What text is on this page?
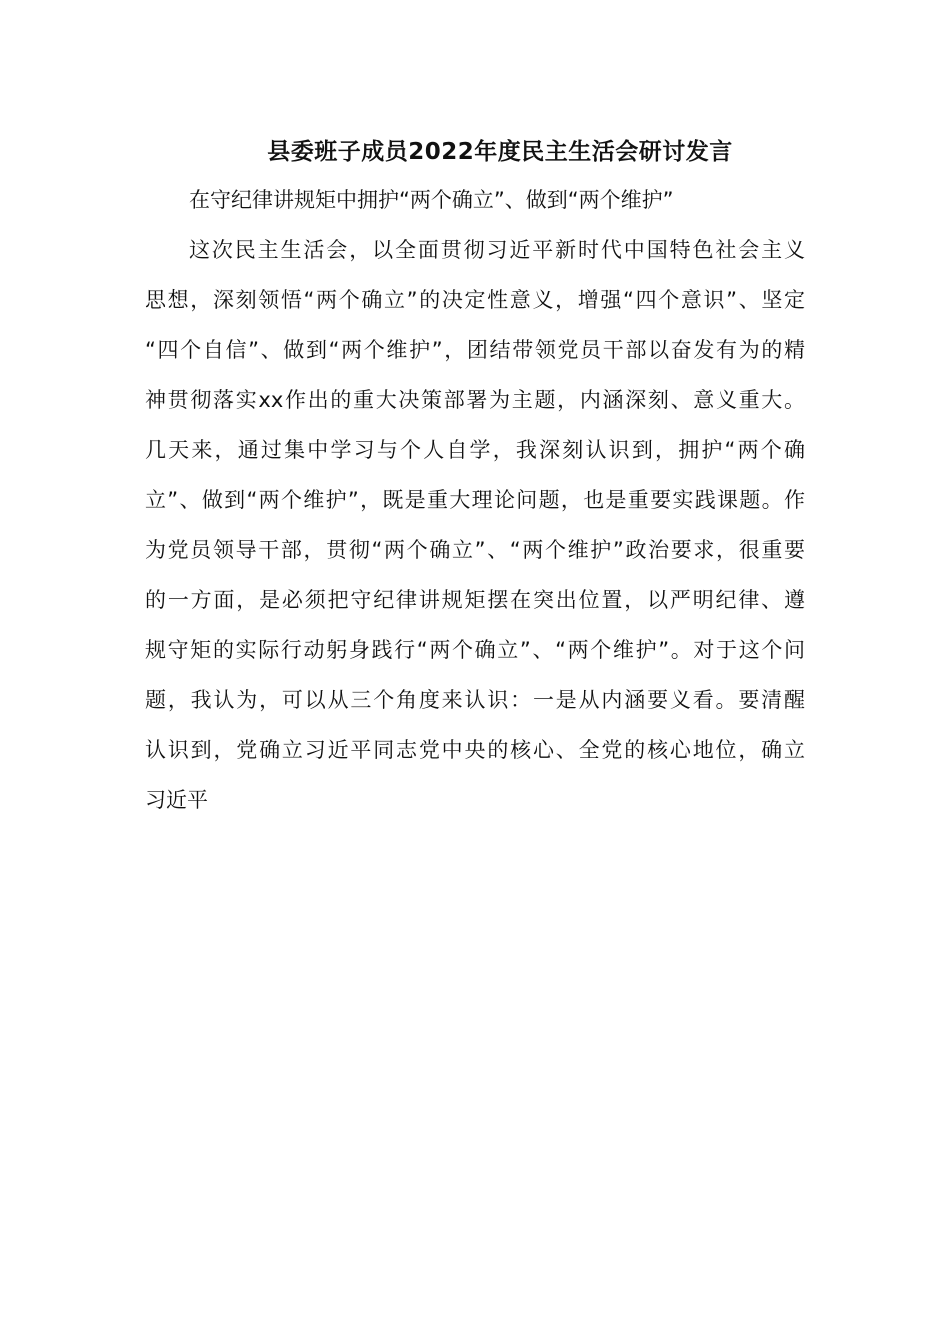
县委班子成员2022年度民主生活会研讨发言
在守纪律讲规矩中拥护“两个确立”、做到“两个维护”
这次民主生活会，以全面贯彻习近平新时代中国特色社会主义
思想，深刻领悟“两个确立”的决定性意义，增强“四个意识”、坚定
“四个自信”、做到“两个维护”，团结带领党员干部以奋发有为的精
神贯彻落实xx作出的重大决策部署为主题，内涵深刻、意义重大。
几天来，通过集中学习与个人自学，我深刻认识到，拥护“两个确
立”、做到“两个维护”，既是重大理论问题，也是重要实践课题。作
为党员领导干部，贯彻“两个确立”、“两个维护”政治要求，很重要
的一方面，是必须把守纪律讲规矩摆在突出位置，以严明纪律、遵
规守矩的实际行动躬身践行“两个确立”、“两个维护”。对于这个问
题，我认为，可以从三个角度来认识：一是从内涵要义看。要清醒
认识到，党确立习近平同志党中央的核心、全党的核心地位，确立
习近平
